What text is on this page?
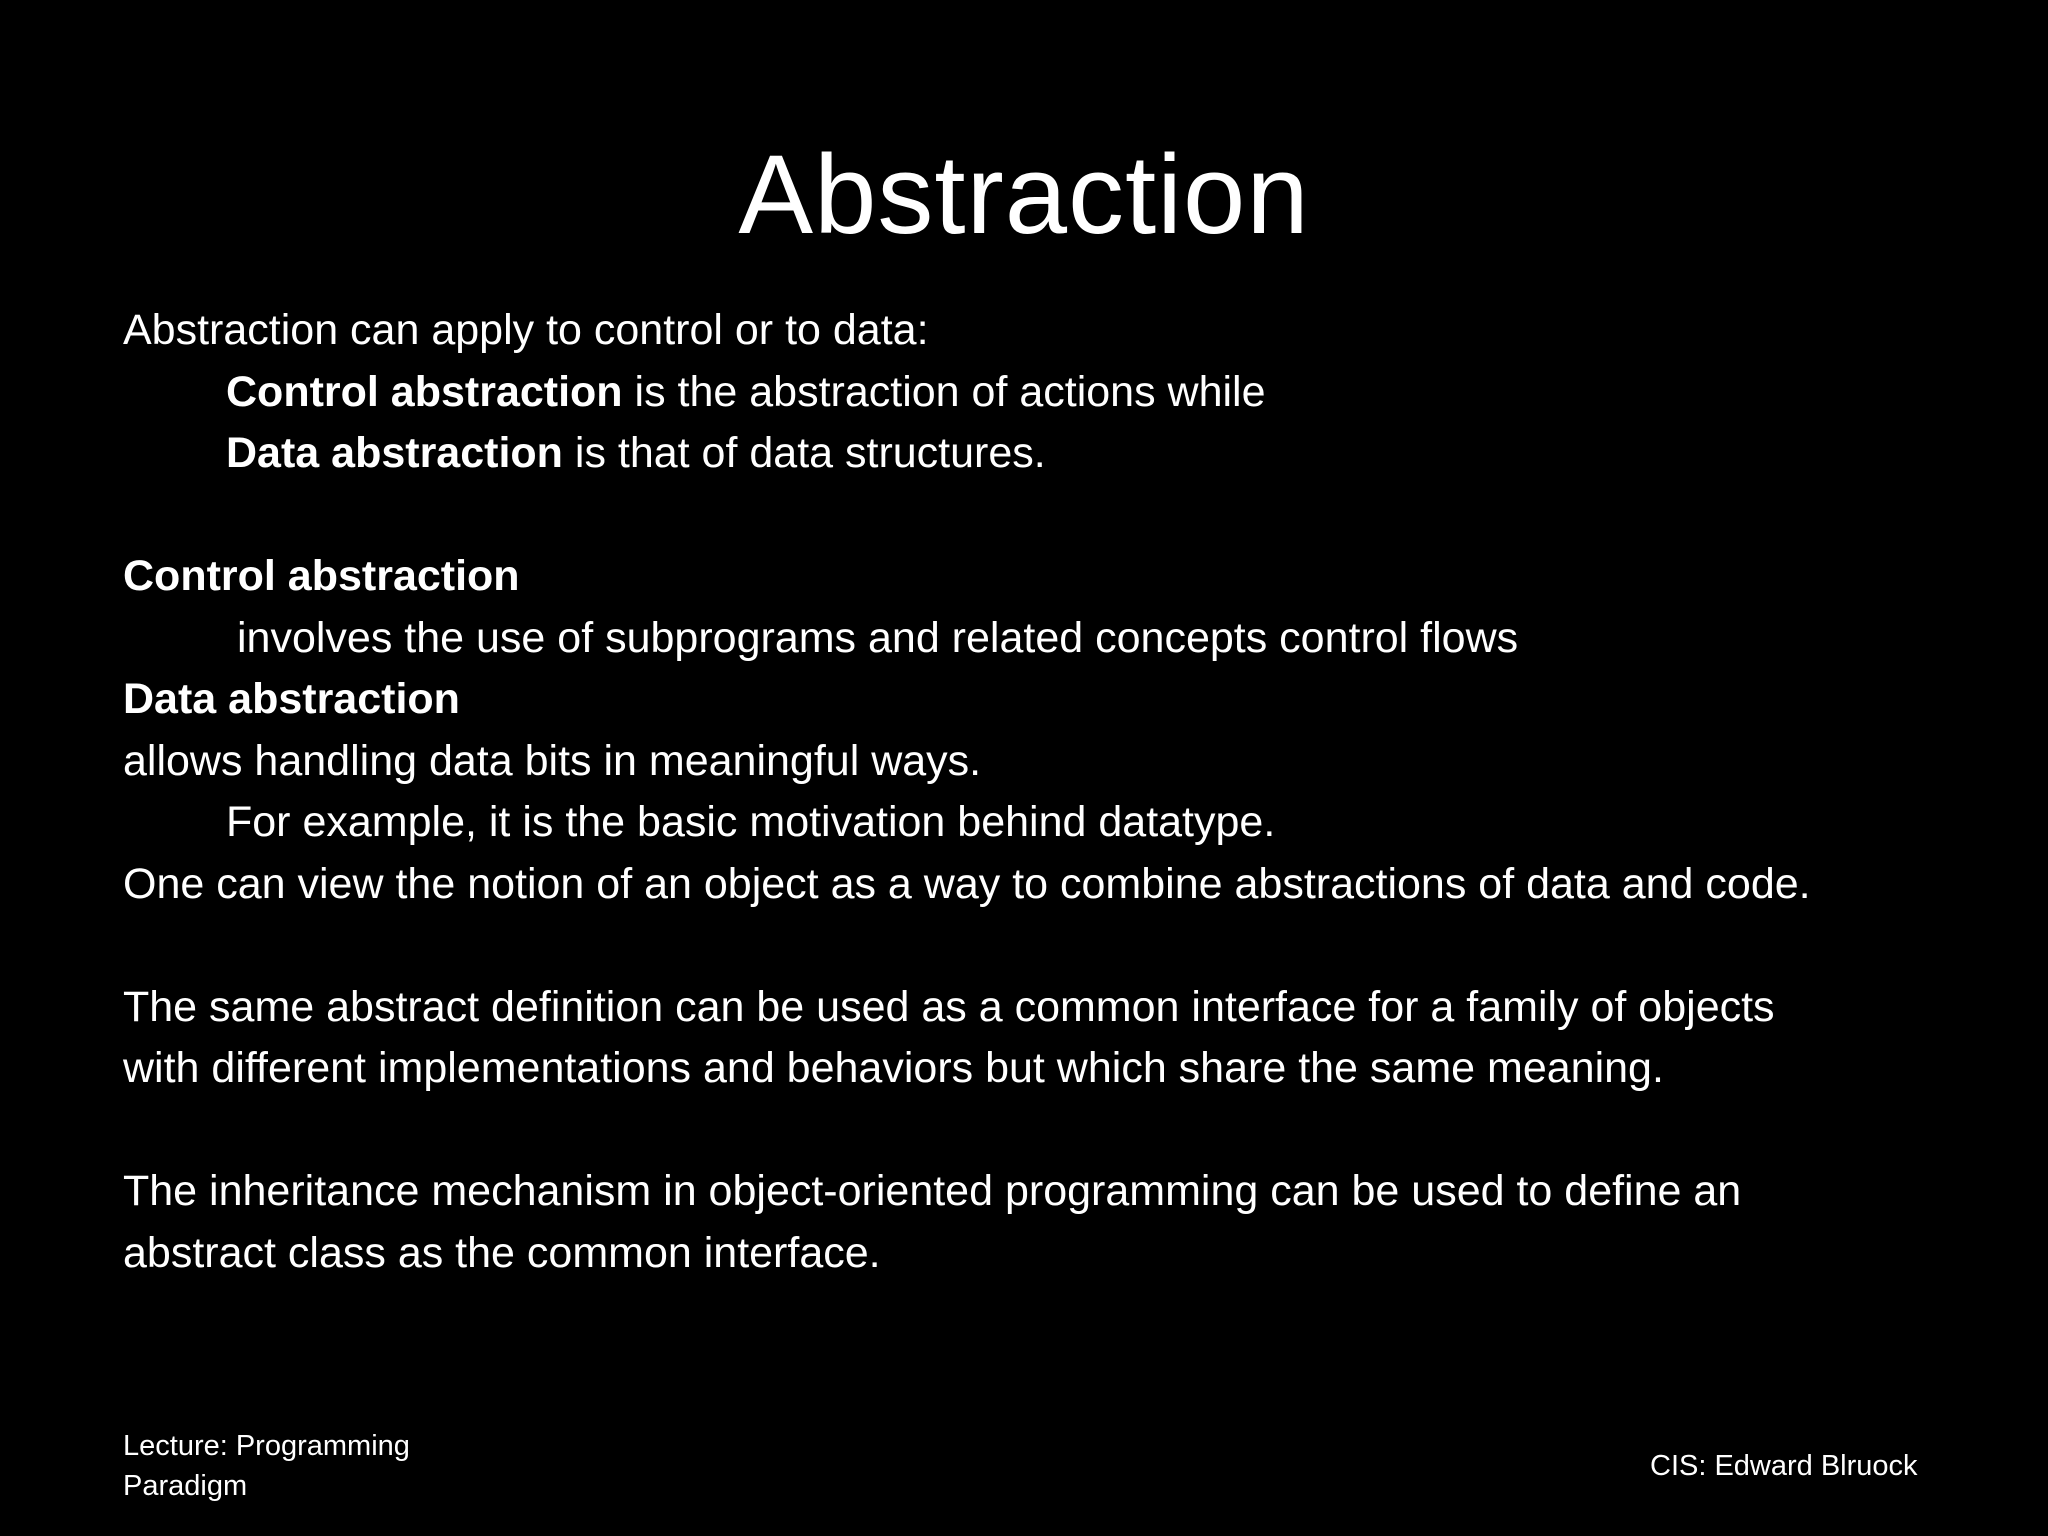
Abstraction
Abstraction can apply to control or to data:
Control abstraction is the abstraction of actions while
Data abstraction is that of data structures.
Control abstraction
involves the use of subprograms and related concepts control flows
Data abstraction
allows handling data bits in meaningful ways.
For example, it is the basic motivation behind datatype.
One can view the notion of an object as a way to combine abstractions of data and code.
The same abstract definition can be used as a common interface for a family of objects
with different implementations and behaviors but which share the same meaning.
The inheritance mechanism in object-oriented programming can be used to define an
abstract class as the common interface.
Lecture: Programming
Paradigm
CIS: Edward Blruock
